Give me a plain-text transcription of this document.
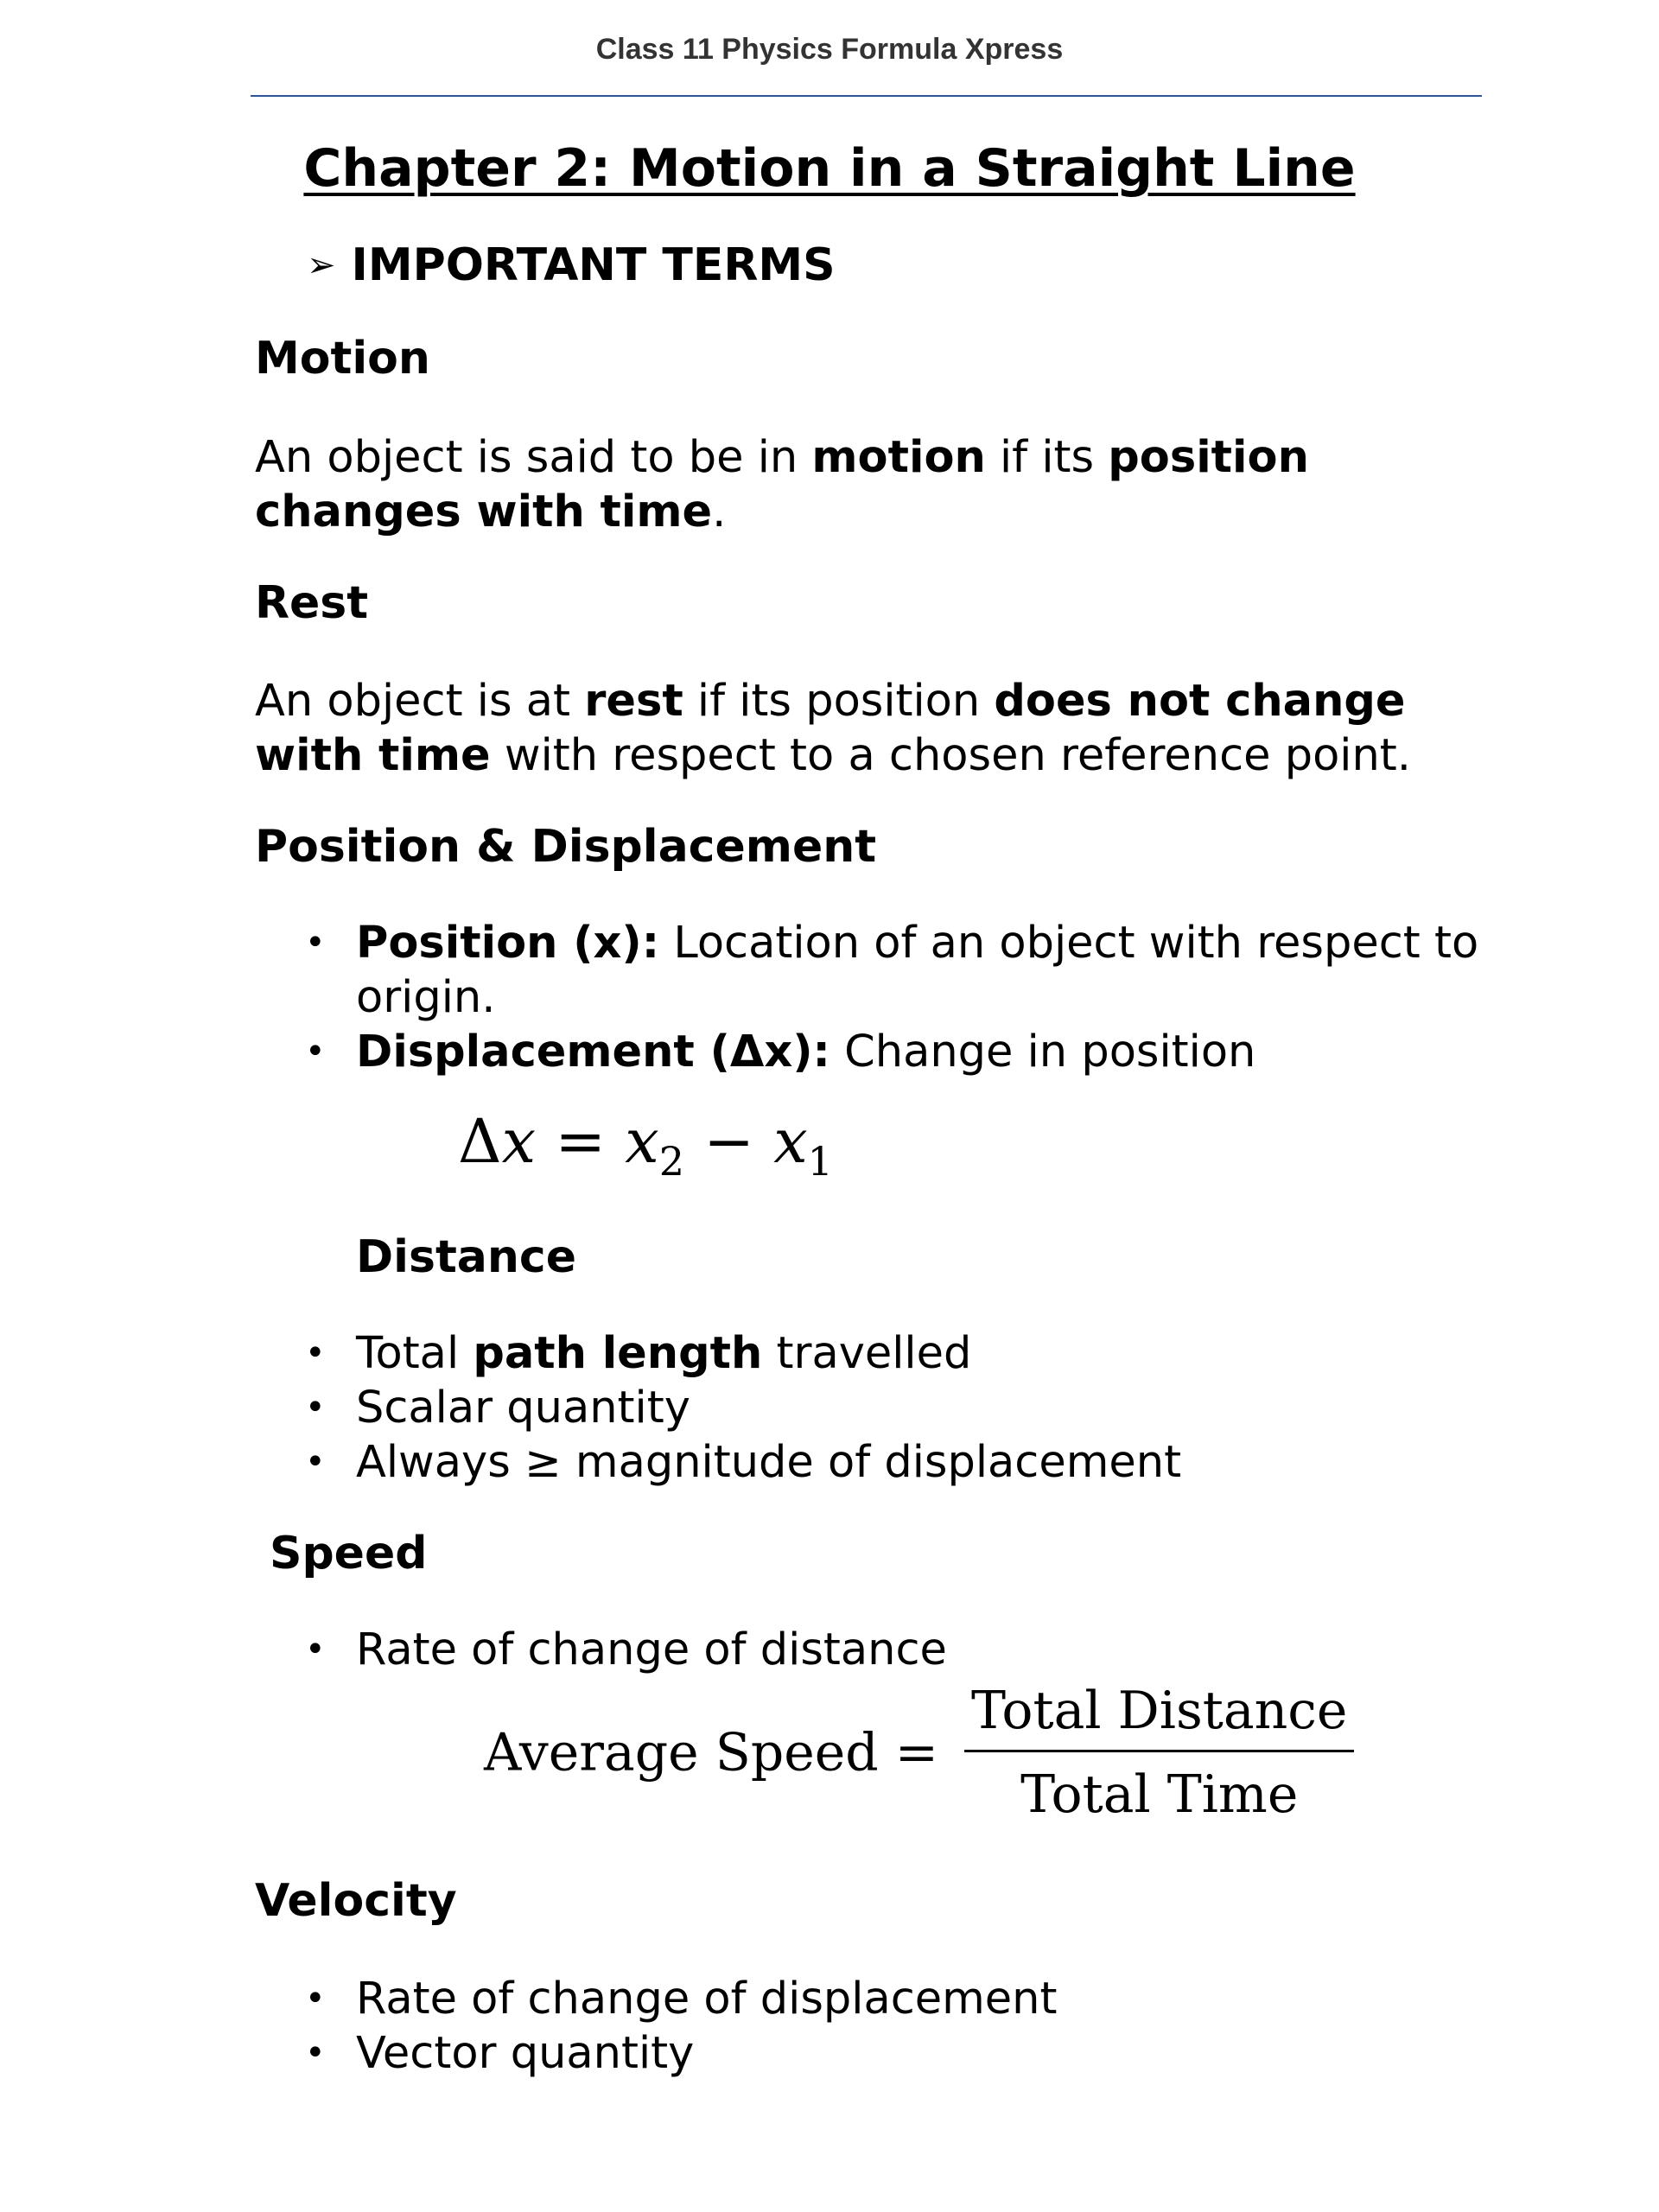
Class 11 Physics Formula Xpress
Chapter 2: Motion in a Straight Line
➢ IMPORTANT TERMS
Motion

An object is said to be in motion if its position changes with time.

Rest

An object is at rest if its position does not change with time with respect to a chosen reference point.

Position & Displacement
• Position (x): Location of an object with respect to origin.
• Displacement (Δx): Change in position
$\Delta x = x_2 - x_1$
Distance
• Total path length travelled
• Scalar quantity
• Always ≥ magnitude of displacement
Speed
• Rate of change of distance
Average Speed = $\frac{\text{Total Distance}}{\text{Total Time}}$
Velocity
• Rate of change of displacement
• Vector quantity
